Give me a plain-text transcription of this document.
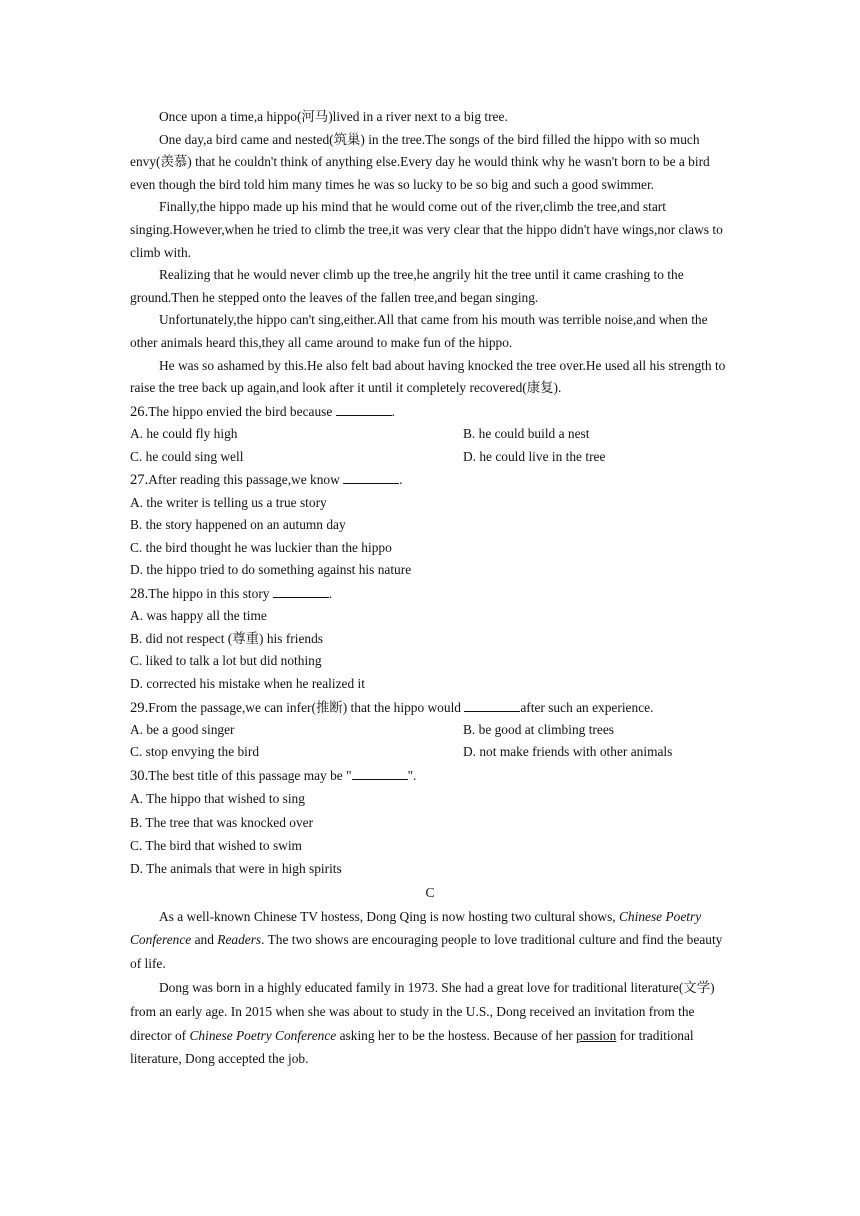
Once upon a time,a hippo(河马)lived in a river next to a big tree.

One day,a bird came and nested(筑巢) in the tree.The songs of the bird filled the hippo with so much envy(羡慕) that he couldn't think of anything else.Every day he would think why he wasn't born to be a bird even though the bird told him many times he was so lucky to be so big and such a good swimmer.

Finally,the hippo made up his mind that he would come out of the river,climb the tree,and start singing.However,when he tried to climb the tree,it was very clear that the hippo didn't have wings,nor claws to climb with.

Realizing that he would never climb up the tree,he angrily hit the tree until it came crashing to the ground.Then he stepped onto the leaves of the fallen tree,and began singing.

Unfortunately,the hippo can't sing,either.All that came from his mouth was terrible noise,and when the other animals heard this,they all came around to make fun of the hippo.

He was so ashamed by this.He also felt bad about having knocked the tree over.He used all his strength to raise the tree back up again,and look after it until it completely recovered(康复).

26.The hippo envied the bird because	.

A. he could fly high	B. he could build a nest
C. he could sing well	D. he could live in the tree

27.After reading this passage,we know	.

A. the writer is telling us a true story

B. the story happened on an autumn day

C. the bird thought he was luckier than the hippo

D. the hippo tried to do something against his nature

28.The hippo in this story	.

A. was happy all the time

B. did not respect (尊重) his friends

C. liked to talk a lot but did nothing

D. corrected his mistake when he realized it

29.From the passage,we can infer(推断) that the hippo would	after such an experience.

A. be a good singer	B. be good at climbing trees
C. stop envying the bird	D. not make friends with other animals

30.The best title of this passage may be "	".

A. The hippo that wished to sing

B. The tree that was knocked over

C. The bird that wished to swim

D. The animals that were in high spirits

C

As a well-known Chinese TV hostess, Dong Qing is now hosting two cultural shows, Chinese Poetry Conference and Readers. The two shows are encouraging people to love traditional culture and find the beauty of life.

Dong was born in a highly educated family in 1973. She had a great love for traditional literature(文学) from an early age. In 2015 when she was about to study in the U.S., Dong received an invitation from the director of Chinese Poetry Conference asking her to be the hostess. Because of her passion for traditional literature, Dong accepted the job.
